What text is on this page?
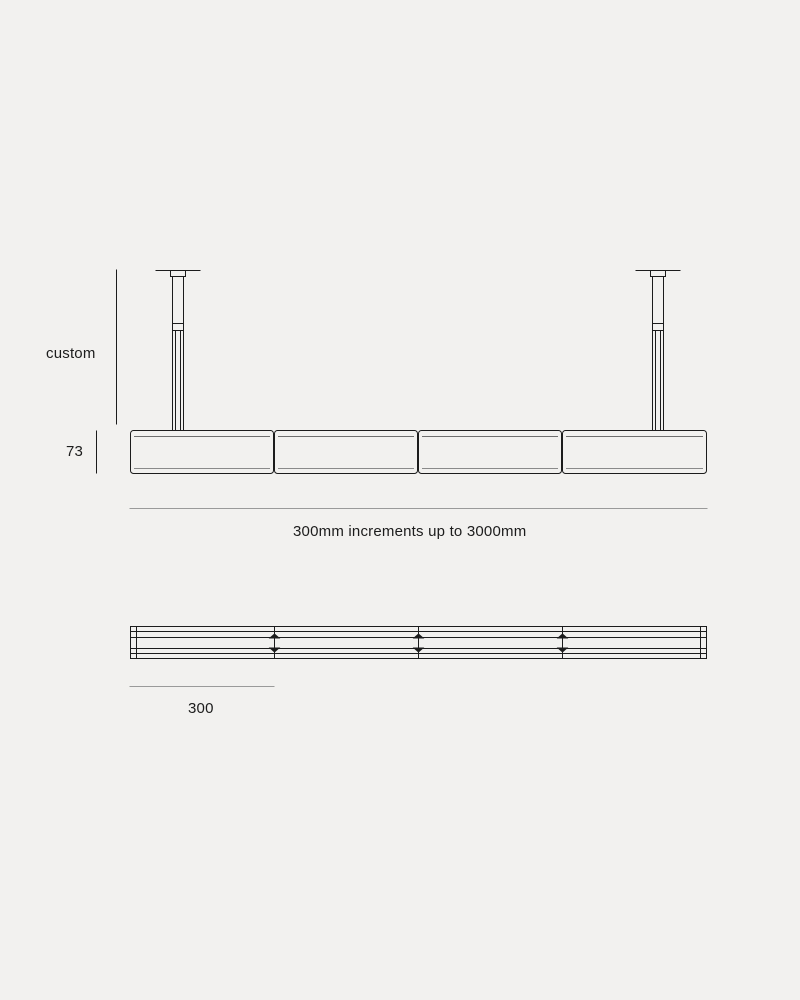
custom
73
300mm increments up to 3000mm
300
